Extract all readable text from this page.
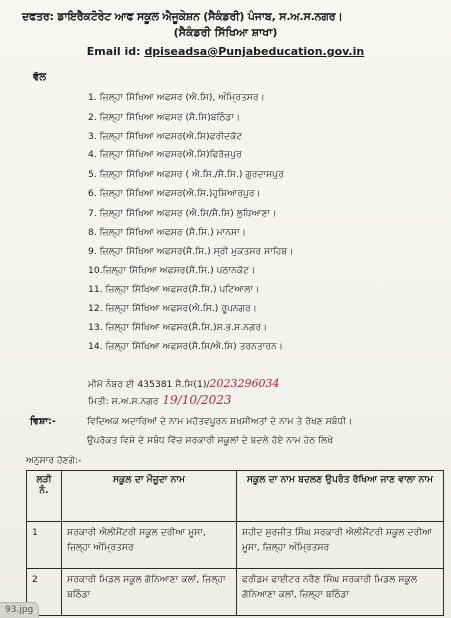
ਦਫਤਰ: ਡਾਇਰੈਕਟੋਰੇਟ ਆਫ ਸਕੂਲ ਐਜੂਕੇਸ਼ਨ (ਸੈਕੰਡਰੀ) ਪੰਜਾਬ, ਸ.ਅ.ਸ.ਨਗਰ।
(ਸੈਕੰਡਰੀ ਸਿੱਖਿਆ ਸ਼ਾਖਾ)
Email id: dpiseadsa@Punjabeducation.gov.in
ਵੱਲ
1. ਜ਼ਿਲ੍ਹਾ ਸਿੱਖਿਆ ਅਫਸਰ (ਐ.ਸਿ), ਅੰਮ੍ਰਿਤਸਰ।
2. ਜ਼ਿਲ੍ਹਾ ਸਿੱਖਿਆ ਅਫਸਰ (ਸੈ.ਸਿ)ਬਠਿੰਡਾ।
3. ਜ਼ਿਲ੍ਹਾ ਸਿੱਖਿਆ ਅਫਸਰ(ਐ.ਸਿ)ਫਰੀਦਕੋਟ
4. ਜ਼ਿਲ੍ਹਾ ਸਿੱਖਿਆ ਅਫਸਰ(ਐ.ਸਿ)ਫਿਰੋਜ਼ਪੁਰ
5. ਜ਼ਿਲ੍ਹਾ ਸਿੱਖਿਆ ਅਫਸਰ ( ਐ.ਸਿ./ਸੈ.ਸਿ.) ਗੁਰਦਾਸਪੁਰ
6. ਜ਼ਿਲ੍ਹਾ ਸਿੱਖਿਆ ਅਫਸਰ(ਐ.ਸਿ.)ਹੁਸ਼ਿਆਰਪੁਰ।
7. ਜ਼ਿਲ੍ਹਾ ਸਿੱਖਿਆ ਅਫਸਰ (ਐ.ਸਿ/ਸੈ.ਸਿ) ਲੁਧਿਆਣਾ।
8. ਜ਼ਿਲ੍ਹਾ ਸਿੱਖਿਆ ਅਫਸਰ (ਸੈ.ਸਿ.) ਮਾਨਸਾ।
9. ਜ਼ਿਲ੍ਹਾ ਸਿੱਖਿਆ ਅਫਸਰ(ਸੈ.ਸਿ.) ਸ੍ਰੀ ਮੁਕਤਸਰ ਸਾਹਿਬ।
10.ਜ਼ਿਲ੍ਹਾ ਸਿੱਖਿਆ ਅਫਸਰ(ਸੈ.ਸਿ.) ਪਠਾਨਕੋਟ।
11. ਜ਼ਿਲ੍ਹਾ ਸਿੱਖਿਆ ਅਫਸਰ(ਸੈ.ਸਿ.) ਪਟਿਆਲਾ।
12. ਜ਼ਿਲ੍ਹਾ ਸਿੱਖਿਆ ਅਫਸਰ(ਐ.ਸਿ.) ਰੂਪਨਗਰ।
13. ਜ਼ਿਲ੍ਹਾ ਸਿੱਖਿਆ ਅਫਸਰ(ਸੈ.ਸਿ.)ਸ.ਭ.ਸ.ਨਗਰ।
14. ਜ਼ਿਲ੍ਹਾ ਸਿੱਖਿਆ ਅਫਸਰ(ਸੈ.ਸਿ/ਐ.ਸਿ) ਤਰਨਤਾਰਨ।
ਮੀਮੋ ਨੰਬਰ ਈ 435381 ਸੈ.ਸਿ(1)/2023296034
ਮਿਤੀ: ਸ.ਅ.ਸ.ਨਗਰ 19/10/2023
ਵਿਸ਼ਾ:-	ਵਿਦਿਅਕ ਅਦਾਰਿਆਂ ਦੇ ਨਾਮ ਮਹੱਤਵਪੂਰਨ ਸ਼ਖਸੀਅਤਾਂ ਦੇ ਨਾਮ ਤੇ ਰੱਖਣ ਸਬੰਧੀ।
ਉਪਰੋਕਤ ਵਿਸ਼ੇ ਦੇ ਸਬੰਧ ਵਿੱਚ ਸਰਕਾਰੀ ਸਕੂਲਾਂ ਦੇ ਬਦਲੇ ਹੋਏ ਨਾਮ ਹੇਠ ਲਿਖੇ
ਅਨੁਸਾਰ ਹੋਣਗੇ:-
ਲੜੀ ਨੰ.	ਸਕੂਲ ਦਾ ਮੌਜੂਦਾ ਨਾਮ	ਸਕੂਲ ਦਾ ਨਾਮ ਬਦਲਣ ਉਪਰੰਤ ਰੱਖਿਆ ਜਾਣ ਵਾਲਾ ਨਾਮ
1	ਸਰਕਾਰੀ ਐਲੀਮੈਂਟਰੀ ਸਕੂਲ ਦਰੀਆ ਮੂਸਾ, ਜ਼ਿਲ੍ਹਾ ਅੰਮ੍ਰਿਤਸਰ	ਸ਼ਹੀਦ ਸੁਰਜੀਤ ਸਿੰਘ ਸਰਕਾਰੀ ਐਲੀਮੈਂਟਰੀ ਸਕੂਲ ਦਰੀਆ ਮੂਸਾ, ਜ਼ਿਲ੍ਹਾ ਅੰਮ੍ਰਿਤਸਰ
2	ਸਰਕਾਰੀ ਮਿਡਲ ਸਕੂਲ ਗੋਨਿਆਣਾ ਕਲਾਂ, ਜ਼ਿਲ੍ਹਾ ਬਠਿੰਡਾ	ਫਰੀਡਮ ਫਾਈਟਰ ਨਰੈਣ ਸਿੰਘ ਸਰਕਾਰੀ ਮਿਡਲ ਸਕੂਲ ਗੋਨਿਆਣਾ ਕਲਾਂ, ਜ਼ਿਲ੍ਹਾ ਬਠਿੰਡਾ
93.jpg
